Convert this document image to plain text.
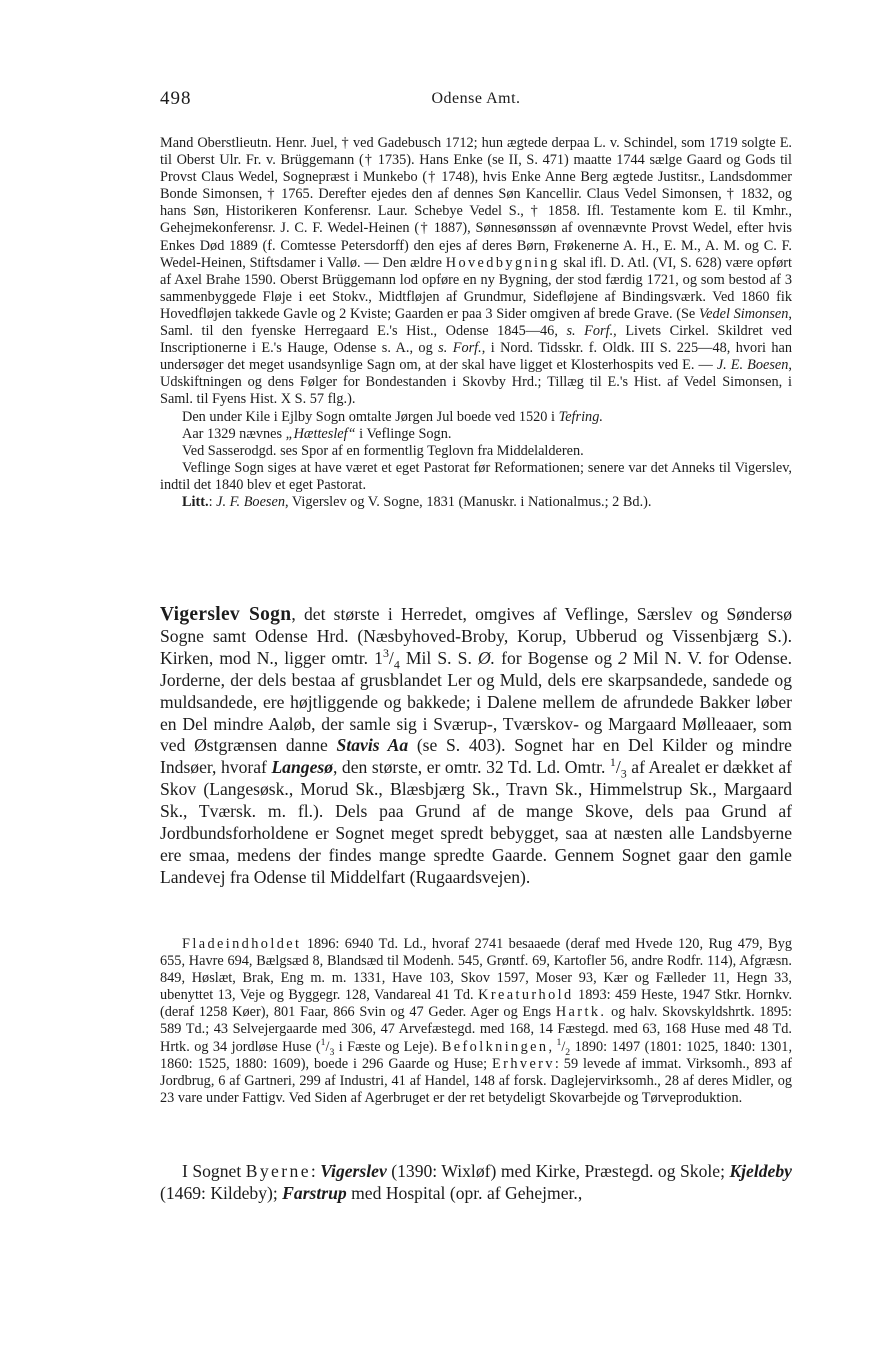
498	Odense Amt.

Mand Oberstlieutn. Henr. Juel, † ved Gadebusch 1712; hun ægtede derpaa L. v. Schindel, som 1719 solgte E. til Oberst Ulr. Fr. v. Brüggemann († 1735). Hans Enke (se II, S. 471) maatte 1744 sælge Gaard og Gods til Provst Claus Wedel, Sognepræst i Munkebo († 1748), hvis Enke Anne Berg ægtede Justitsr., Landsdommer Bonde Simonsen, † 1765. Derefter ejedes den af dennes Søn Kancellir. Claus Vedel Simonsen, † 1832, og hans Søn, Historikeren Konferensr. Laur. Schebye Vedel S., † 1858. Ifl. Testamente kom E. til Kmhr., Gehejmekonferensr. J. C. F. Wedel-Heinen († 1887), Sønnesønssøn af ovennævnte Provst Wedel, efter hvis Enkes Død 1889 (f. Comtesse Petersdorff) den ejes af deres Børn, Frøkenerne A. H., E. M., A. M. og C. F. Wedel-Heinen, Stiftsdamer i Vallø. — Den ældre Hovedbygning skal ifl. D. Atl. (VI, S. 628) være opført af Axel Brahe 1590. Oberst Brüggemann lod opføre en ny Bygning, der stod færdig 1721, og som bestod af 3 sammenbyggede Fløje i eet Stokv., Midtfløjen af Grundmur, Sidefløjene af Bindingsværk. Ved 1860 fik Hovedfløjen takkede Gavle og 2 Kviste; Gaarden er paa 3 Sider omgiven af brede Grave. (Se Vedel Simonsen, Saml. til den fyenske Herregaard E.'s Hist., Odense 1845—46, s. Forf., Livets Cirkel. Skildret ved Inscriptionerne i E.'s Hauge, Odense s. A., og s. Forf., i Nord. Tidsskr. f. Oldk. III S. 225—48, hvori han undersøger det meget usandsynlige Sagn om, at der skal have ligget et Klosterhospits ved E. — J. E. Boesen, Udskiftningen og dens Følger for Bondestanden i Skovby Hrd.; Tillæg til E.'s Hist. af Vedel Simonsen, i Saml. til Fyens Hist. X S. 57 flg.).

Den under Kile i Ejlby Sogn omtalte Jørgen Jul boede ved 1520 i Tefring.

Aar 1329 nævnes „Hætteslef“ i Veflinge Sogn.

Ved Sasserodgd. ses Spor af en formentlig Teglovn fra Middelalderen.

Veflinge Sogn siges at have været et eget Pastorat før Reformationen; senere var det Anneks til Vigerslev, indtil det 1840 blev et eget Pastorat.

Litt.: J. F. Boesen, Vigerslev og V. Sogne, 1831 (Manuskr. i Nationalmus.; 2 Bd.).

Vigerslev Sogn, det største i Herredet, omgives af Veflinge, Særslev og Søndersø Sogne samt Odense Hrd. (Næsbyhoved-Broby, Korup, Ubberud og Vissenbjærg S.). Kirken, mod N., ligger omtr. $1^3/_4$ Mil S. S. Ø. for Bogense og 2 Mil N. V. for Odense. Jorderne, der dels bestaa af grusblandet Ler og Muld, dels ere skarpsandede, sandede og muldsandede, ere højtliggende og bakkede; i Dalene mellem de afrundede Bakker løber en Del mindre Aaløb, der samle sig i Sværup-, Tværskov- og Margaard Mølleaaer, som ved Østgrænsen danne Stavis Aa (se S. 403). Sognet har en Del Kilder og mindre Indsøer, hvoraf Langesø, den største, er omtr. 32 Td. Ld. Omtr. $^1/_3$ af Arealet er dækket af Skov (Langesøsk., Morud Sk., Blæsbjærg Sk., Travn Sk., Himmelstrup Sk., Margaard Sk., Tværsk. m. fl.). Dels paa Grund af de mange Skove, dels paa Grund af Jordbundsforholdene er Sognet meget spredt bebygget, saa at næsten alle Landsbyerne ere smaa, medens der findes mange spredte Gaarde. Gennem Sognet gaar den gamle Landevej fra Odense til Middelfart (Rugaardsvejen).

Fladeindholdet 1896: 6940 Td. Ld., hvoraf 2741 besaaede (deraf med Hvede 120, Rug 479, Byg 655, Havre 694, Bælgsæd 8, Blandsæd til Modenh. 545, Grøntf. 69, Kartofler 56, andre Rodfr. 114), Afgræsn. 849, Høslæt, Brak, Eng m. m. 1331, Have 103, Skov 1597, Moser 93, Kær og Fælleder 11, Hegn 33, ubenyttet 13, Veje og Byggegr. 128, Vandareal 41 Td. Kreaturhold 1893: 459 Heste, 1947 Stkr. Hornkv. (deraf 1258 Køer), 801 Faar, 866 Svin og 47 Geder. Ager og Engs Hartk. og halv. Skovskyldshrtk. 1895: 589 Td.; 43 Selvejergaarde med 306, 47 Arvefæstegd. med 168, 14 Fæstegd. med 63, 168 Huse med 48 Td. Hrtk. og 34 jordløse Huse ($^1/_3$ i Fæste og Leje). Befolkningen, $^1/_2$ 1890: 1497 (1801: 1025, 1840: 1301, 1860: 1525, 1880: 1609), boede i 296 Gaarde og Huse; Erhverv: 59 levede af immat. Virksomh., 893 af Jordbrug, 6 af Gartneri, 299 af Industri, 41 af Handel, 148 af forsk. Daglejervirksomh., 28 af deres Midler, og 23 vare under Fattigv. Ved Siden af Agerbruget er der ret betydeligt Skovarbejde og Tørveproduktion.

I Sognet Byerne: Vigerslev (1390: Wixløf) med Kirke, Præstegd. og Skole; Kjeldeby (1469: Kildeby); Farstrup med Hospital (opr. af Gehejmer.,
